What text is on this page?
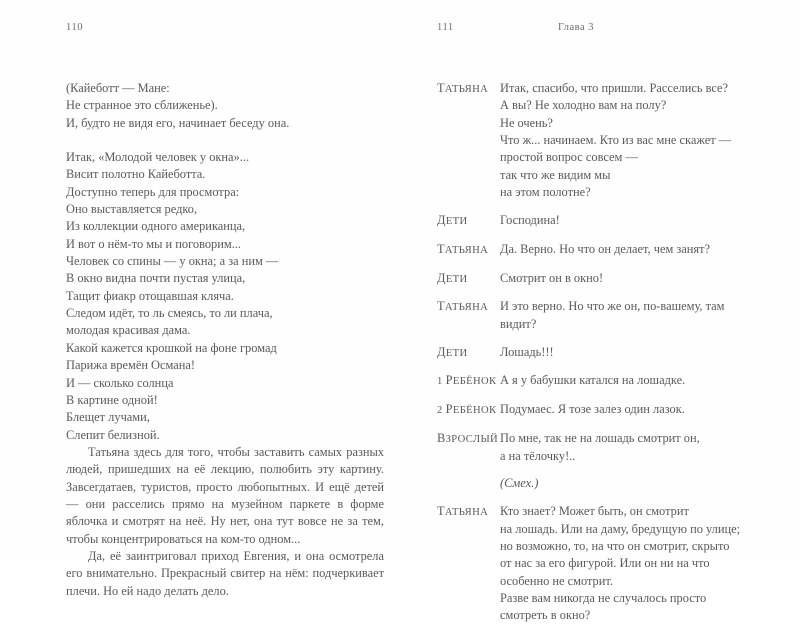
110
(Кайеботт — Мане:
Не странное это сближенье).
И, будто не видя его, начинает беседу она.
Итак, «Молодой человек у окна»...
Висит полотно Кайеботта.
Доступно теперь для просмотра:
Оно выставляется редко,
Из коллекции одного американца,
И вот о нём-то мы и поговорим...
Человек со спины — у окна; а за ним —
В окно видна почти пустая улица,
Тащит фиакр отощавшая кляча.
Следом идёт, то ль смеясь, то ли плача,
молодая красивая дама.
Какой кажется крошкой на фоне громад
Парижа времён Османа!
И — сколько солнца
В картине одной!
Блещет лучами,
Слепит белизной.

Татьяна здесь для того, чтобы заставить самых разных людей, пришедших на её лекцию, полюбить эту картину. Завсегдатаев, туристов, просто любопытных. И ещё детей — они расселись прямо на музейном паркете в форме яблочка и смотрят на неё. Ну нет, она тут вовсе не за тем, чтобы концентрироваться на ком-то одном...

Да, её заинтриговал приход Евгения, и она осмотрела его внимательно. Прекрасный свитер на нём: подчеркивает плечи. Но ей надо делать дело.

111	Глава 3
ТАТЬЯНА Итак, спасибо, что пришли. Расселись все?
А вы? Не холодно вам на полу?
Не очень?
Что ж... начинаем. Кто из вас мне скажет —
простой вопрос совсем —
так что же видим мы
на этом полотне?
ДЕТИ	Господина!
ТАТЬЯНА Да. Верно. Но что он делает, чем занят?
ДЕТИ	Смотрит он в окно!
ТАТЬЯНА И это верно. Но что же он, по-вашему, там
видит?
ДЕТИ	Лошадь!!!
1 РЕБЁНОК А я у бабушки катался на лошадке.
2 РЕБЁНОК Подумаес. Я тозе залез один лазок.
ВЗРОСЛЫЙ По мне, так не на лошадь смотрит он,
а на тёлочку!..
(Смех.)
ТАТЬЯНА Кто знает? Может быть, он смотрит
на лошадь. Или на даму, бредущую по улице;
но возможно, то, на что он смотрит, скрыто
от нас за его фигурой. Или он ни на что
особенно не смотрит.
Разве вам никогда не случалось просто
смотреть в окно?
